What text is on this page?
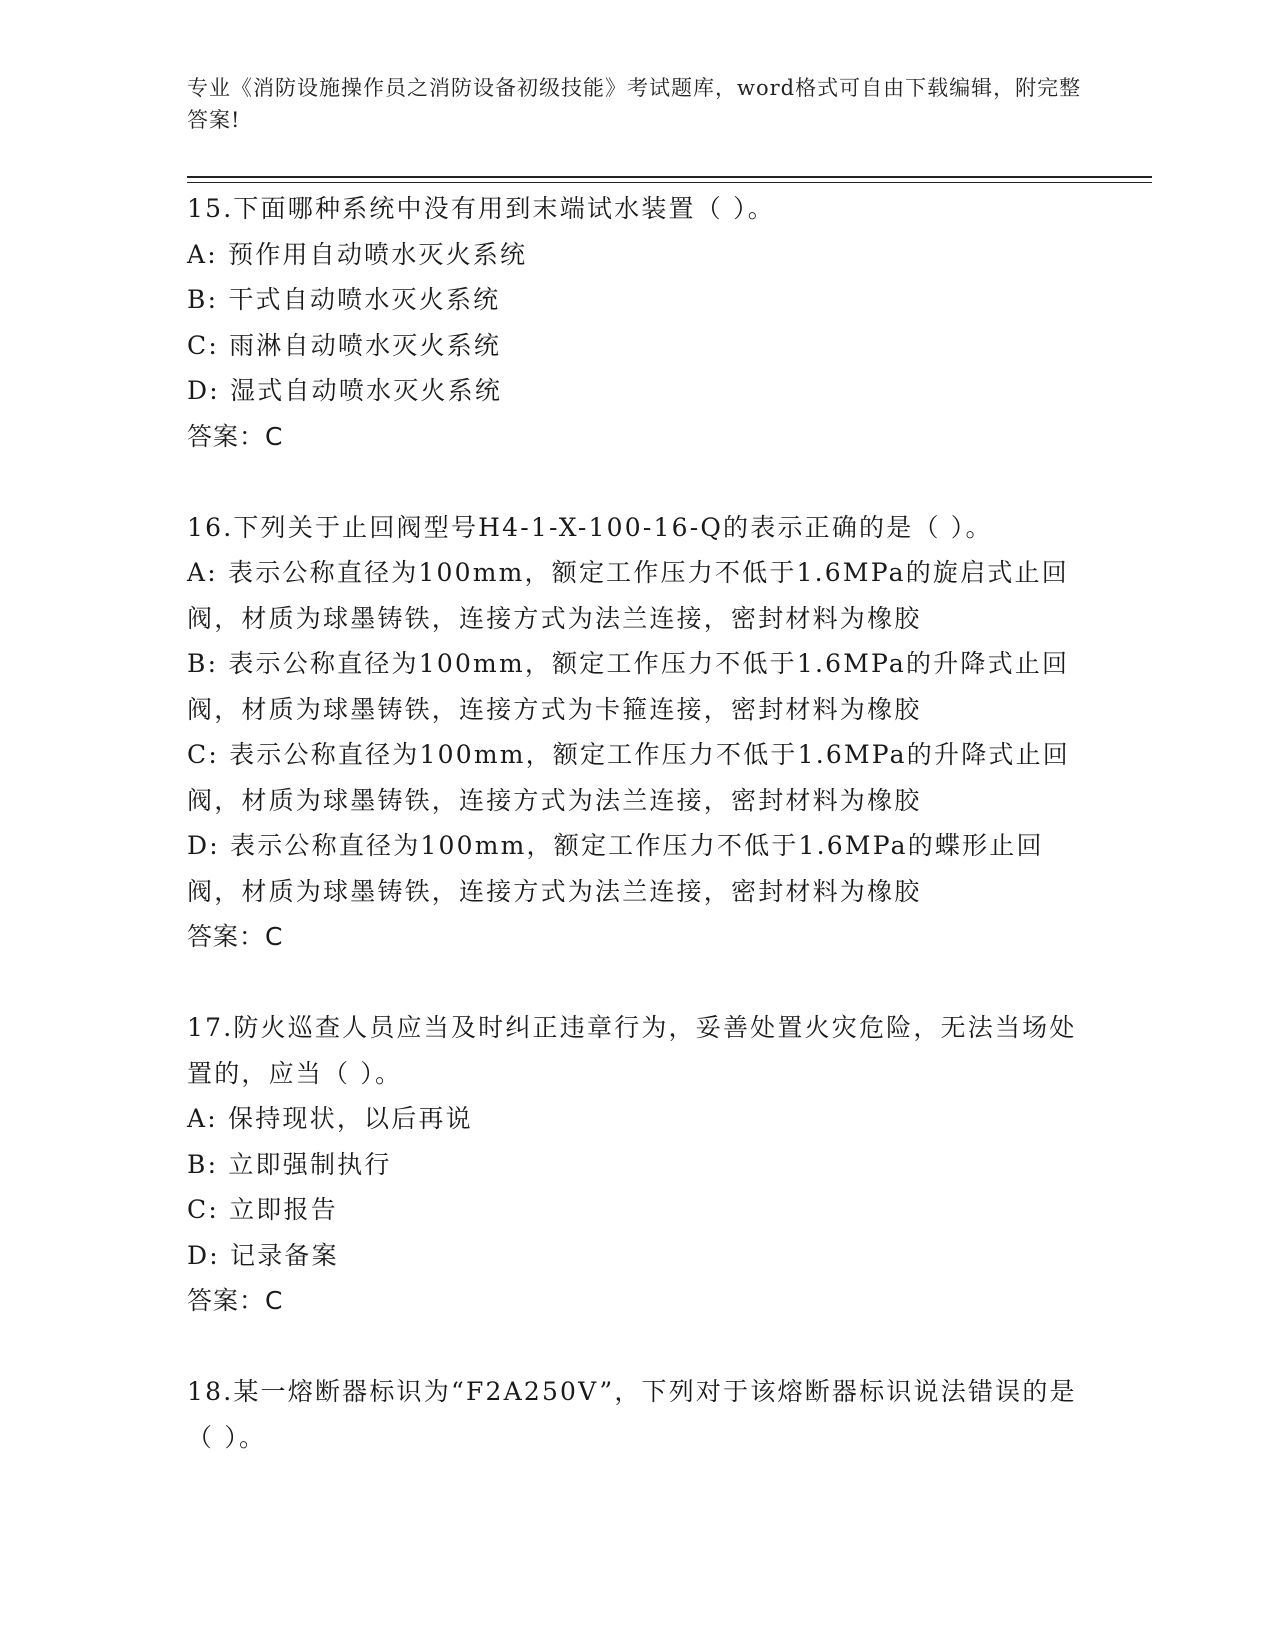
专业《消防设施操作员之消防设备初级技能》考试题库，word格式可自由下载编辑，附完整答案!
15.下面哪种系统中没有用到末端试水装置（ ）。
A: 预作用自动喷水灭火系统
B: 干式自动喷水灭火系统
C: 雨淋自动喷水灭火系统
D: 湿式自动喷水灭火系统
答案：C
16.下列关于止回阀型号H4-1-X-100-16-Q的表示正确的是（ ）。
A: 表示公称直径为100mm，额定工作压力不低于1.6MPa的旋启式止回阀，材质为球墨铸铁，连接方式为法兰连接，密封材料为橡胶
B: 表示公称直径为100mm，额定工作压力不低于1.6MPa的升降式止回阀，材质为球墨铸铁，连接方式为卡箍连接，密封材料为橡胶
C: 表示公称直径为100mm，额定工作压力不低于1.6MPa的升降式止回阀，材质为球墨铸铁，连接方式为法兰连接，密封材料为橡胶
D: 表示公称直径为100mm，额定工作压力不低于1.6MPa的蝶形止回阀，材质为球墨铸铁，连接方式为法兰连接，密封材料为橡胶
答案：C
17.防火巡查人员应当及时纠正违章行为，妥善处置火灾危险，无法当场处置的，应当（ ）。
A: 保持现状，以后再说
B: 立即强制执行
C: 立即报告
D: 记录备案
答案：C
18.某一熔断器标识为“F2A250V”，下列对于该熔断器标识说法错误的是（ ）。
